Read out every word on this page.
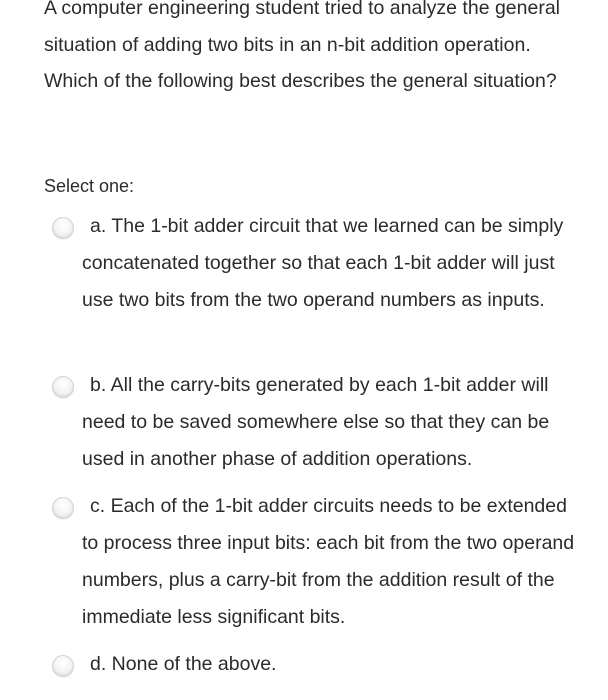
A computer engineering student tried to analyze the general situation of adding two bits in an n-bit addition operation. Which of the following best describes the general situation?
Select one:
a. The 1-bit adder circuit that we learned can be simply concatenated together so that each 1-bit adder will just use two bits from the two operand numbers as inputs.
b. All the carry-bits generated by each 1-bit adder will need to be saved somewhere else so that they can be used in another phase of addition operations.
c. Each of the 1-bit adder circuits needs to be extended to process three input bits: each bit from the two operand numbers, plus a carry-bit from the addition result of the immediate less significant bits.
d. None of the above.
